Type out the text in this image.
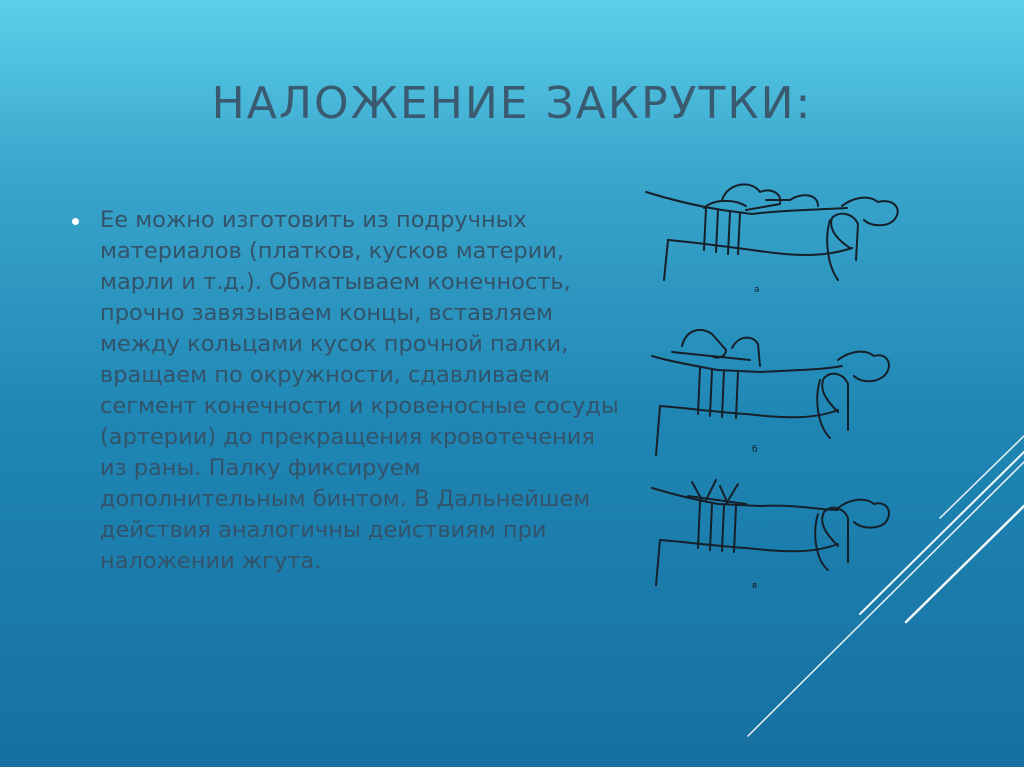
НАЛОЖЕНИЕ ЗАКРУТКИ:
Ее можно изготовить из подручных материалов (платков, кусков материи, марли и т.д.). Обматываем конечность, прочно завязываем концы, вставляем между кольцами кусок прочной палки, вращаем по окружности, сдавливаем сегмент конечности и кровеносные сосуды (артерии) до прекращения кровотечения из раны. Палку фиксируем дополнительным бинтом. В Дальнейшем действия аналогичны действиям при наложении жгута.
а
б
в
